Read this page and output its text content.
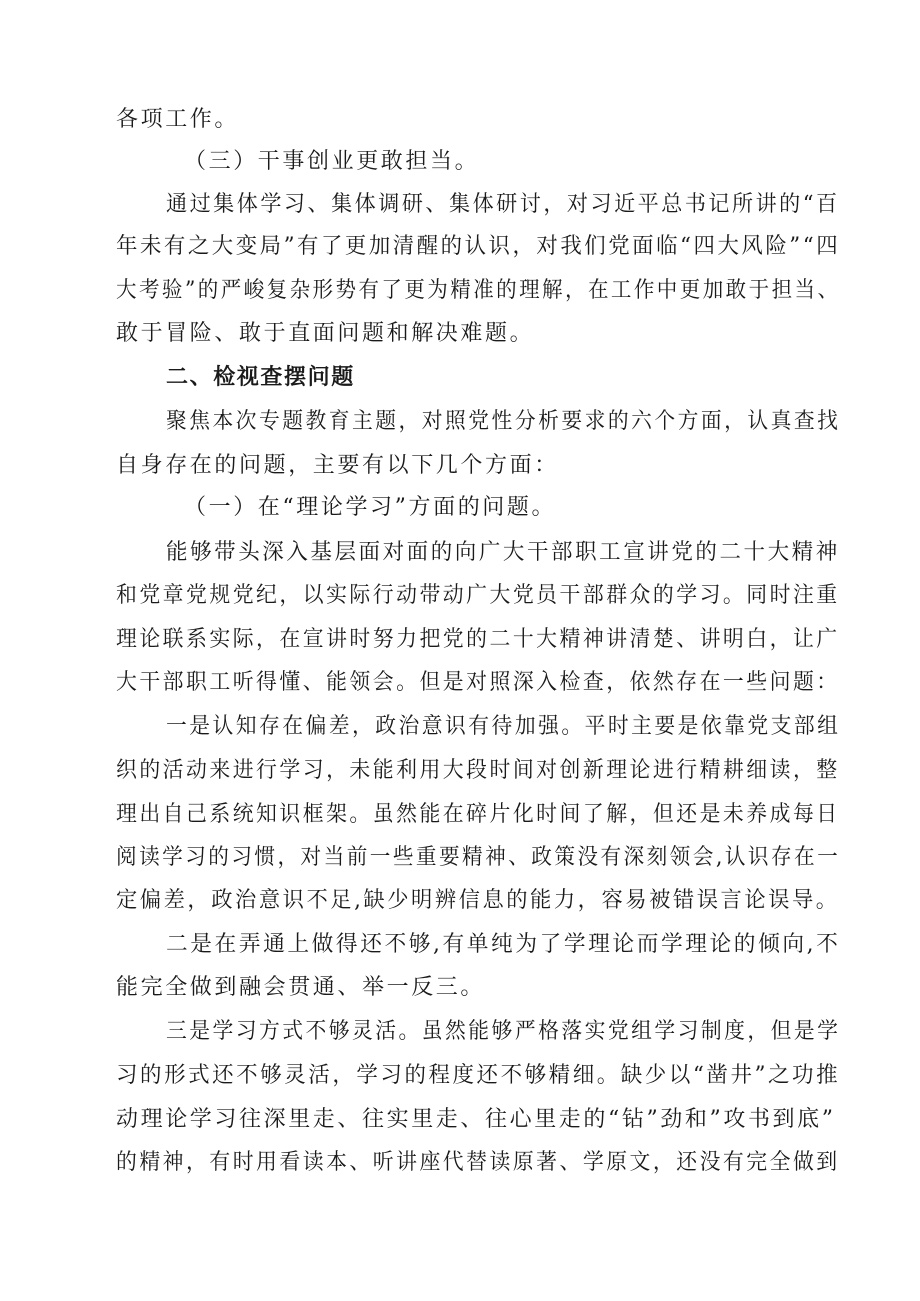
各项工作。
（三）干事创业更敢担当。
通过集体学习、集体调研、集体研讨，对习近平总书记所讲的“百
年未有之大变局”有了更加清醒的认识，对我们党面临“四大风险”“四
大考验”的严峻复杂形势有了更为精准的理解，在工作中更加敢于担当、
敢于冒险、敢于直面问题和解决难题。
二、检视查摆问题
聚焦本次专题教育主题，对照党性分析要求的六个方面，认真查找
自身存在的问题，主要有以下几个方面：
（一）在“理论学习”方面的问题。
能够带头深入基层面对面的向广大干部职工宣讲党的二十大精神
和党章党规党纪，以实际行动带动广大党员干部群众的学习。同时注重
理论联系实际，在宣讲时努力把党的二十大精神讲清楚、讲明白，让广
大干部职工听得懂、能领会。但是对照深入检查，依然存在一些问题：
一是认知存在偏差，政治意识有待加强。平时主要是依靠党支部组
织的活动来进行学习，未能利用大段时间对创新理论进行精耕细读，整
理出自己系统知识框架。虽然能在碎片化时间了解，但还是未养成每日
阅读学习的习惯，对当前一些重要精神、政策没有深刻领会,认识存在一
定偏差，政治意识不足,缺少明辨信息的能力，容易被错误言论误导。
二是在弄通上做得还不够,有单纯为了学理论而学理论的倾向,不
能完全做到融会贯通、举一反三。
三是学习方式不够灵活。虽然能够严格落实党组学习制度，但是学
习的形式还不够灵活，学习的程度还不够精细。缺少以“凿井”之功推
动理论学习往深里走、往实里走、往心里走的“钻”劲和”攻书到底”
的精神，有时用看读本、听讲座代替读原著、学原文，还没有完全做到
